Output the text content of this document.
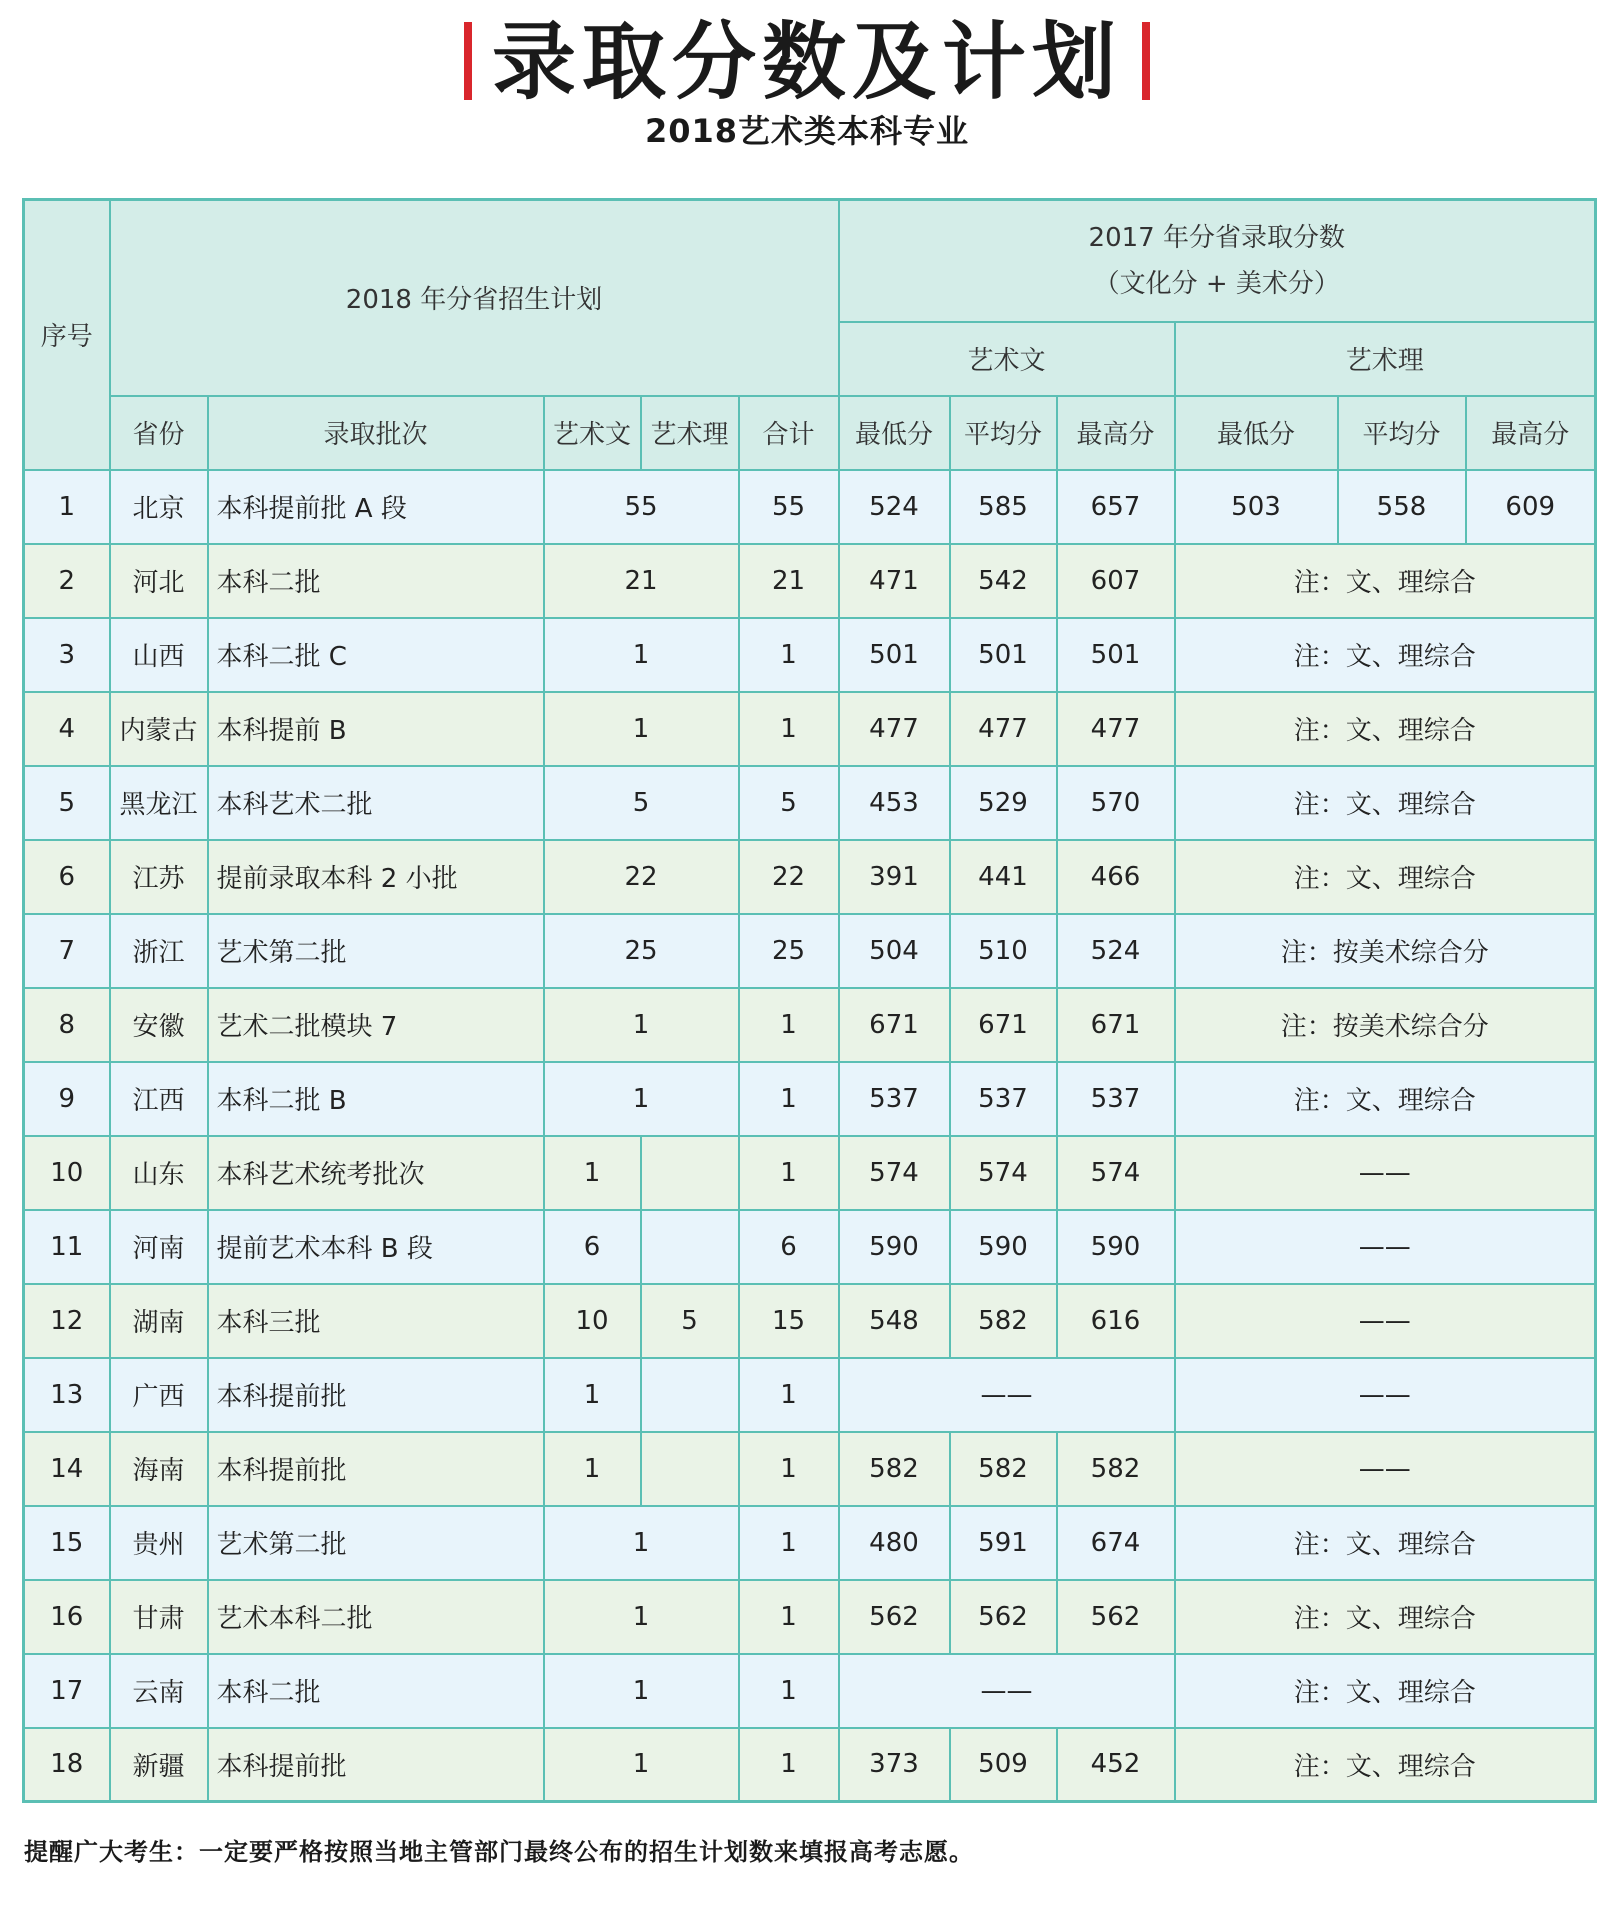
录取分数及计划
2018艺术类本科专业
序号	2018 年分省招生计划					2017 年分省录取分数
（文化分 + 美术分）					

						艺术文			艺术理		
	省份	录取批次	艺术文	艺术理	合计	最低分	平均分	最高分	最低分	平均分	最高分
1	北京	本科提前批 A 段	55		55	524	585	657	503	558	609
2	河北	本科二批	21		21	471	542	607	注：文、理综合		
3	山西	本科二批 C	1		1	501	501	501	注：文、理综合		
4	内蒙古	本科提前 B	1		1	477	477	477	注：文、理综合		
5	黑龙江	本科艺术二批	5		5	453	529	570	注：文、理综合		
6	江苏	提前录取本科 2 小批	22		22	391	441	466	注：文、理综合		
7	浙江	艺术第二批	25		25	504	510	524	注：按美术综合分		
8	安徽	艺术二批模块 7	1		1	671	671	671	注：按美术综合分		
9	江西	本科二批 B	1		1	537	537	537	注：文、理综合		
10	山东	本科艺术统考批次	1		1	574	574	574	——		
11	河南	提前艺术本科 B 段	6		6	590	590	590	——		
12	湖南	本科三批	10	5	15	548	582	616	——		
13	广西	本科提前批	1		1	——			——		
14	海南	本科提前批	1		1	582	582	582	——		
15	贵州	艺术第二批	1		1	480	591	674	注：文、理综合		
16	甘肃	艺术本科二批	1		1	562	562	562	注：文、理综合		
17	云南	本科二批	1		1	——			注：文、理综合		
18	新疆	本科提前批	1		1	373	509	452	注：文、理综合		
提醒广大考生：一定要严格按照当地主管部门最终公布的招生计划数来填报高考志愿。
